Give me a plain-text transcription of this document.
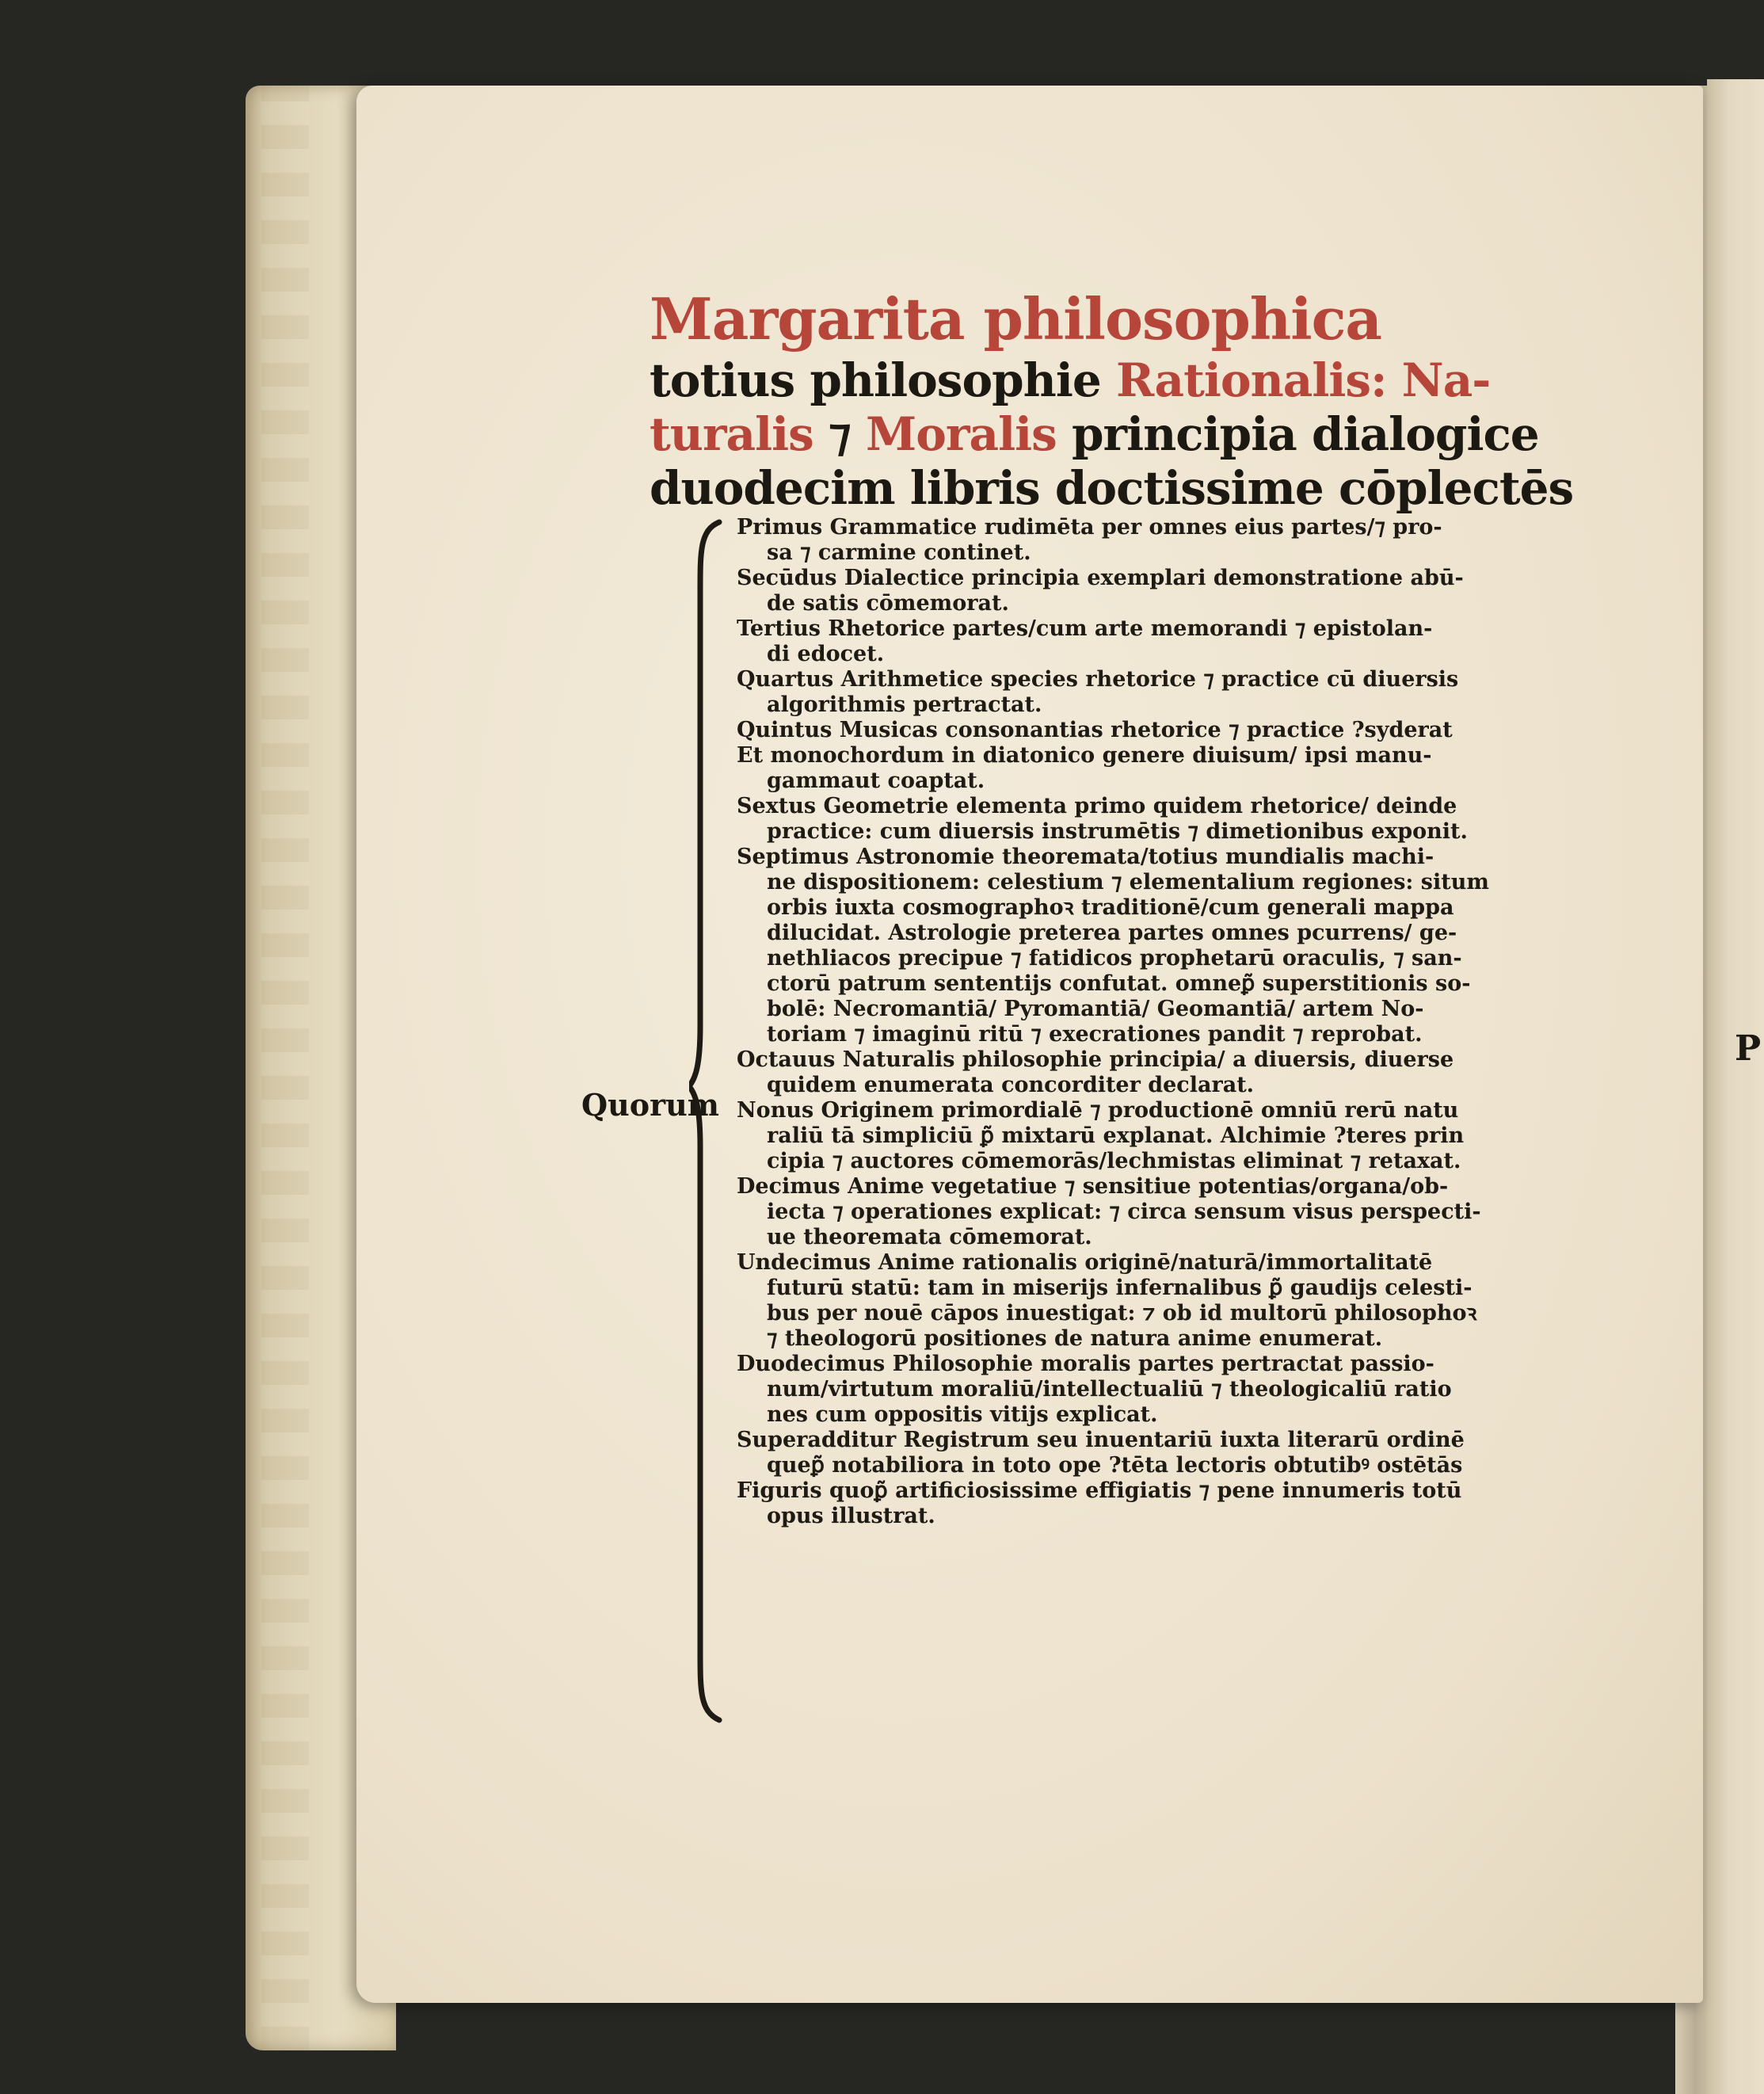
P
Margarita philosophica
totius philosophie Rationalis: Na-
turalis ⁊ Moralis principia dialogice
duodecim libris doctissime cōplectēs
Quorum
Primus Grammatice rudimēta per omnes eius partes/⁊ pro-
sa ⁊ carmine continet.
Secūdus Dialectice principia exemplari demonstratione abū-
de satis cōmemorat.
Tertius Rhetorice partes/cum arte memorandi ⁊ epistolan-
di edocet.
Quartus Arithmetice species rhetorice ⁊ practice cū diuersis
algorithmis pertractat.
Quintus Musicas consonantias rhetorice ⁊ practice ?syderat
Et monochordum in diatonico genere diuisum/ ipsi manu-
gammaut coaptat.
Sextus Geometrie elementa primo quidem rhetorice/ deinde
practice: cum diuersis instrumētis ⁊ dimetionibus exponit.
Septimus Astronomie theoremata/totius mundialis machi-
ne dispositionem: celestium ⁊ elementalium regiones: situm
orbis iuxta cosmographoꝛ traditionē/cum generali mappa
dilucidat. Astrologie preterea partes omnes pcurrens/ ge-
nethliacos precipue ⁊ fatidicos prophetarū oraculis, ⁊ san-
ctorū patrum sententijs confutat. omneꝑ̃ superstitionis so-
bolē: Necromantiā/ Pyromantiā/ Geomantiā/ artem No-
toriam ⁊ imaginū ritū ⁊ execrationes pandit ⁊ reprobat.
Octauus Naturalis philosophie principia/ a diuersis, diuerse
quidem enumerata concorditer declarat.
Nonus Originem primordialē ⁊ productionē omniū rerū natu
raliū tā simpliciū ꝑ̃ mixtarū explanat. Alchimie ?teres prin
cipia ⁊ auctores cōmemorās/lechmistas eliminat ⁊ retaxat.
Decimus Anime vegetatiue ⁊ sensitiue potentias/organa/ob-
iecta ⁊ operationes explicat: ⁊ circa sensum visus perspecti-
ue theoremata cōmemorat.
Undecimus Anime rationalis originē/naturā/immortalitatē
futurū statū: tam in miserijs infernalibus ꝑ̃ gaudijs celesti-
bus per nouē cāpos inuestigat: ⁊ ob id multorū philosophoꝛ
⁊ theologorū positiones de natura anime enumerat.
Duodecimus Philosophie moralis partes pertractat passio-
num/virtutum moraliū/intellectualiū ⁊ theologicaliū ratio
nes cum oppositis vitijs explicat.
Superadditur Registrum seu inuentariū iuxta literarū ordinē
queꝑ̃ notabiliora in toto ope ?tēta lectoris obtutibꝰ ostētās
Figuris quoꝑ̃ artificiosissime effigiatis ⁊ pene innumeris totū
opus illustrat.
